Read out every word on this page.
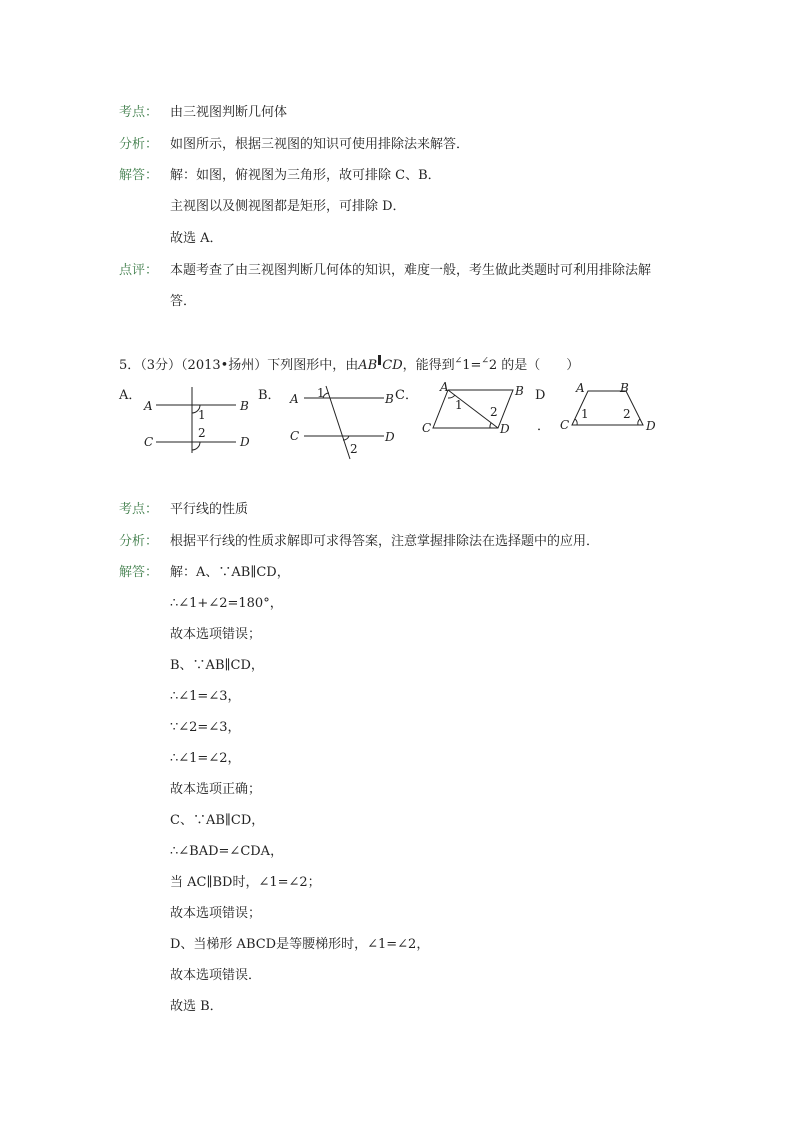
考点： 由三视图判断几何体
分析： 如图所示，根据三视图的知识可使用排除法来解答．
解答： 解：如图，俯视图为三角形，故可排除 C、B．
主视图以及侧视图都是矩形，可排除 D．
故选 A．
点评： 本题考查了由三视图判断几何体的知识，难度一般，考生做此类题时可利用排除法解
答．
5．（3分）（2013•扬州）下列图形中，由AB CD，能得到∠1=∠2 的是（　　）
A．	B．	C．	D
．
A	B
C	D
1
2
A	B
C	D
1
2
A	B
C	D
1 2
A	B
C	D
1	2
考点： 平行线的性质
分析： 根据平行线的性质求解即可求得答案，注意掌握排除法在选择题中的应用．
解答： 解：A、∵AB∥CD，
∴∠1+∠2=180°，
故本选项错误；
B、∵AB∥CD，
∴∠1=∠3，
∵∠2=∠3，
∴∠1=∠2，
故本选项正确；
C、∵AB∥CD，
∴∠BAD=∠CDA，
当 AC∥BD时，∠1=∠2；
故本选项错误；
D、当梯形 ABCD是等腰梯形时，∠1=∠2，
故本选项错误．
故选 B．
